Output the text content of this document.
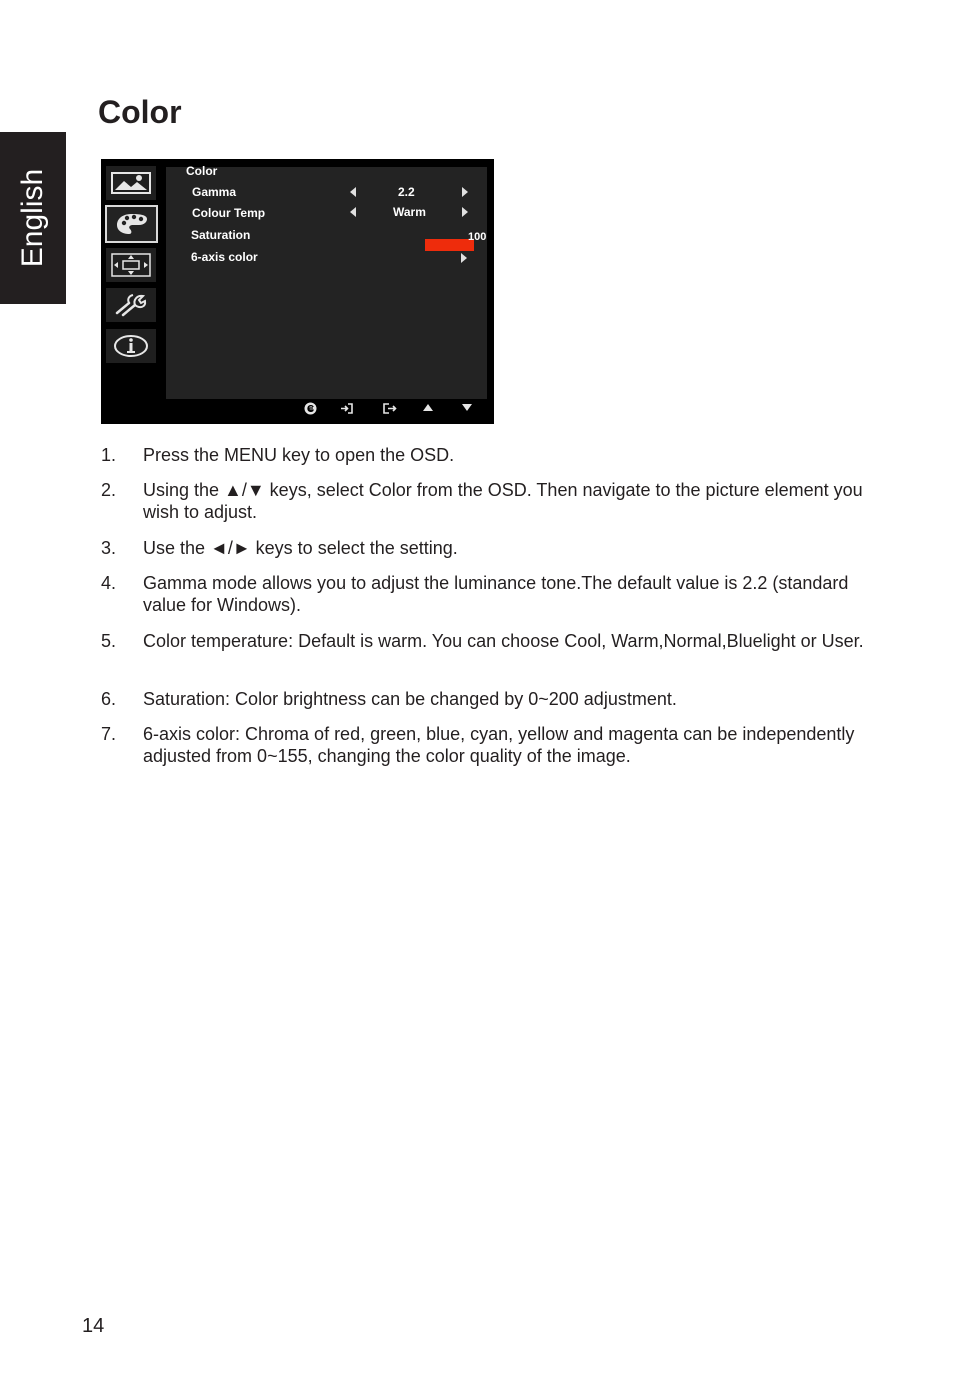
English
Color
Color
Gamma	2.2
Colour Temp	Warm
Saturation	100
6-axis color
1. Press the MENU key to open the OSD.
2. Using the ▲/▼ keys, select Color from the OSD. Then navigate to the picture element you wish to adjust.
3. Use the ◄/► keys to select the setting.
4. Gamma mode allows you to adjust the luminance tone.The default value is 2.2 (standard value for Windows).
5. Color temperature: Default is warm. You can choose Cool, Warm,Normal,Bluelight or User.
6. Saturation: Color brightness can be changed by 0~200 adjustment.
7. 6-axis color: Chroma of red, green, blue, cyan, yellow and magenta can be independently adjusted from 0~155, changing the color quality of the image.
14
